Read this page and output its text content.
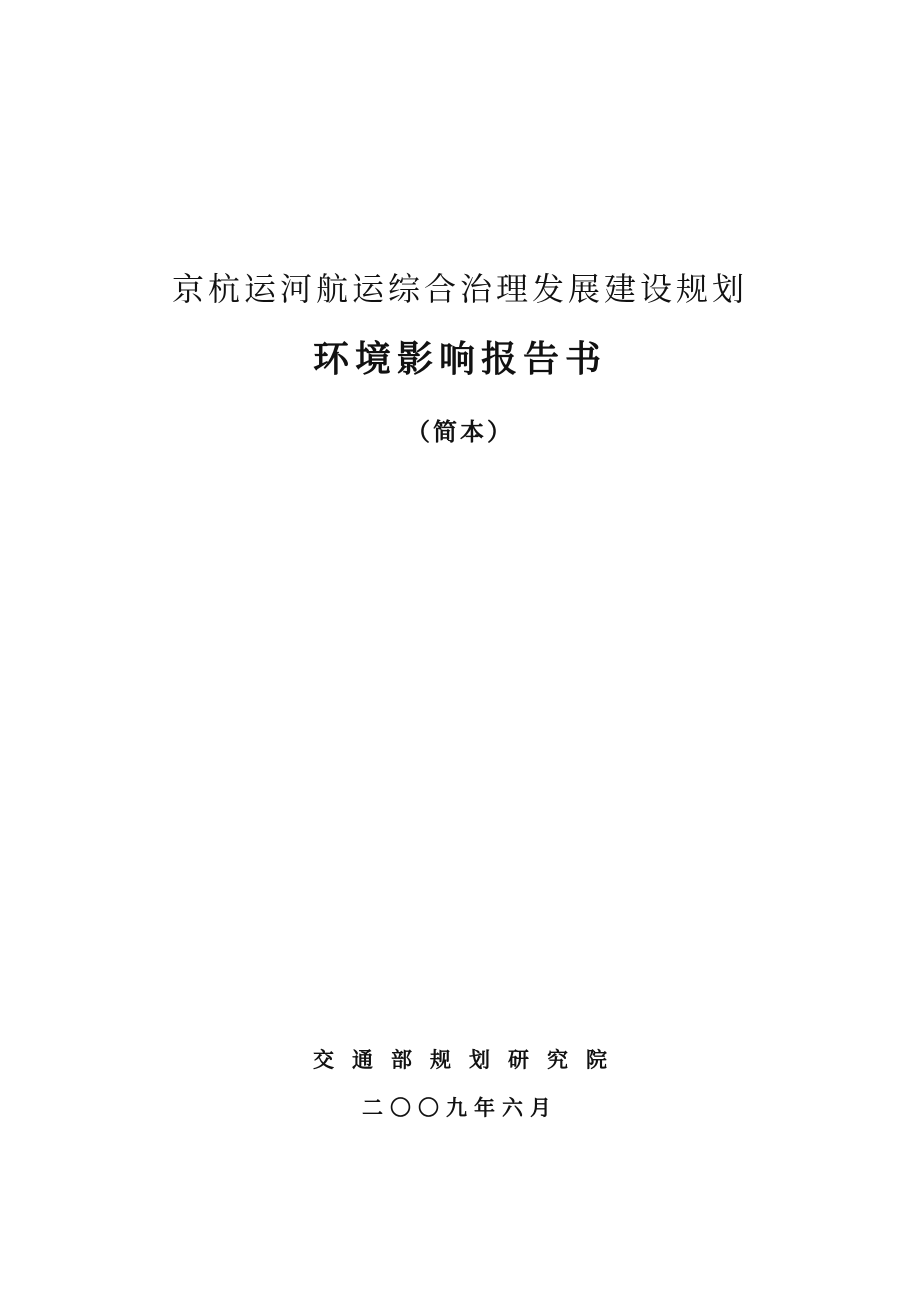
京杭运河航运综合治理发展建设规划
环境影响报告书
（简本）
交通部规划研究院
二〇〇九年六月
